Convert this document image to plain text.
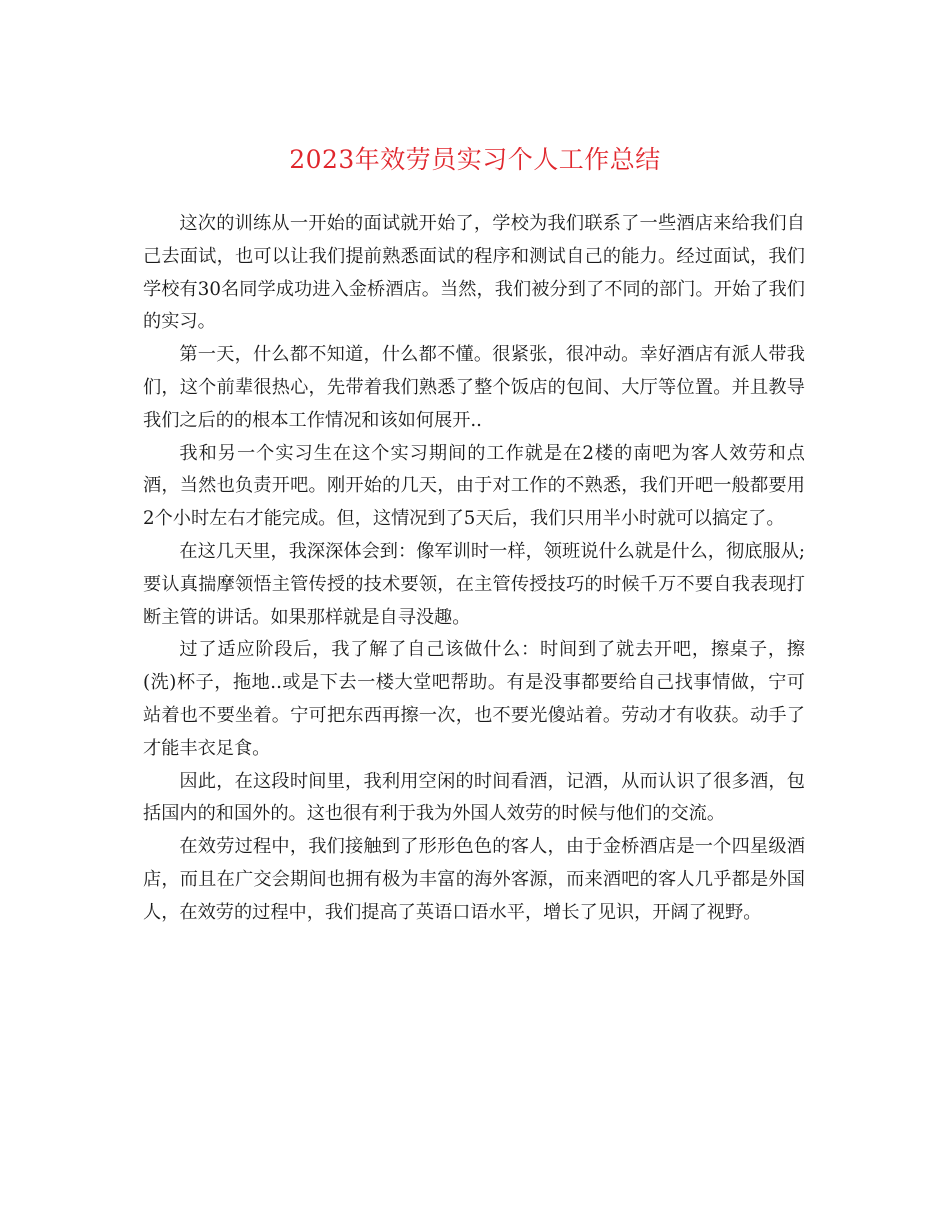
2023年效劳员实习个人工作总结

这次的训练从一开始的面试就开始了，学校为我们联系了一些酒店来给我们自己去面试，也可以让我们提前熟悉面试的程序和测试自己的能力。经过面试，我们学校有30名同学成功进入金桥酒店。当然，我们被分到了不同的部门。开始了我们的实习。

第一天，什么都不知道，什么都不懂。很紧张，很冲动。幸好酒店有派人带我们，这个前辈很热心，先带着我们熟悉了整个饭店的包间、大厅等位置。并且教导我们之后的的根本工作情况和该如何展开..

我和另一个实习生在这个实习期间的工作就是在2楼的南吧为客人效劳和点酒，当然也负责开吧。刚开始的几天，由于对工作的不熟悉，我们开吧一般都要用2个小时左右才能完成。但，这情况到了5天后，我们只用半小时就可以搞定了。

在这几天里，我深深体会到：像军训时一样，领班说什么就是什么，彻底服从;要认真揣摩领悟主管传授的技术要领，在主管传授技巧的时候千万不要自我表现打断主管的讲话。如果那样就是自寻没趣。

过了适应阶段后，我了解了自己该做什么：时间到了就去开吧，擦桌子，擦(洗)杯子，拖地..或是下去一楼大堂吧帮助。有是没事都要给自己找事情做，宁可站着也不要坐着。宁可把东西再擦一次，也不要光傻站着。劳动才有收获。动手了才能丰衣足食。

因此，在这段时间里，我利用空闲的时间看酒，记酒，从而认识了很多酒，包括国内的和国外的。这也很有利于我为外国人效劳的时候与他们的交流。

在效劳过程中，我们接触到了形形色色的客人，由于金桥酒店是一个四星级酒店，而且在广交会期间也拥有极为丰富的海外客源，而来酒吧的客人几乎都是外国人，在效劳的过程中，我们提高了英语口语水平，增长了见识，开阔了视野。
